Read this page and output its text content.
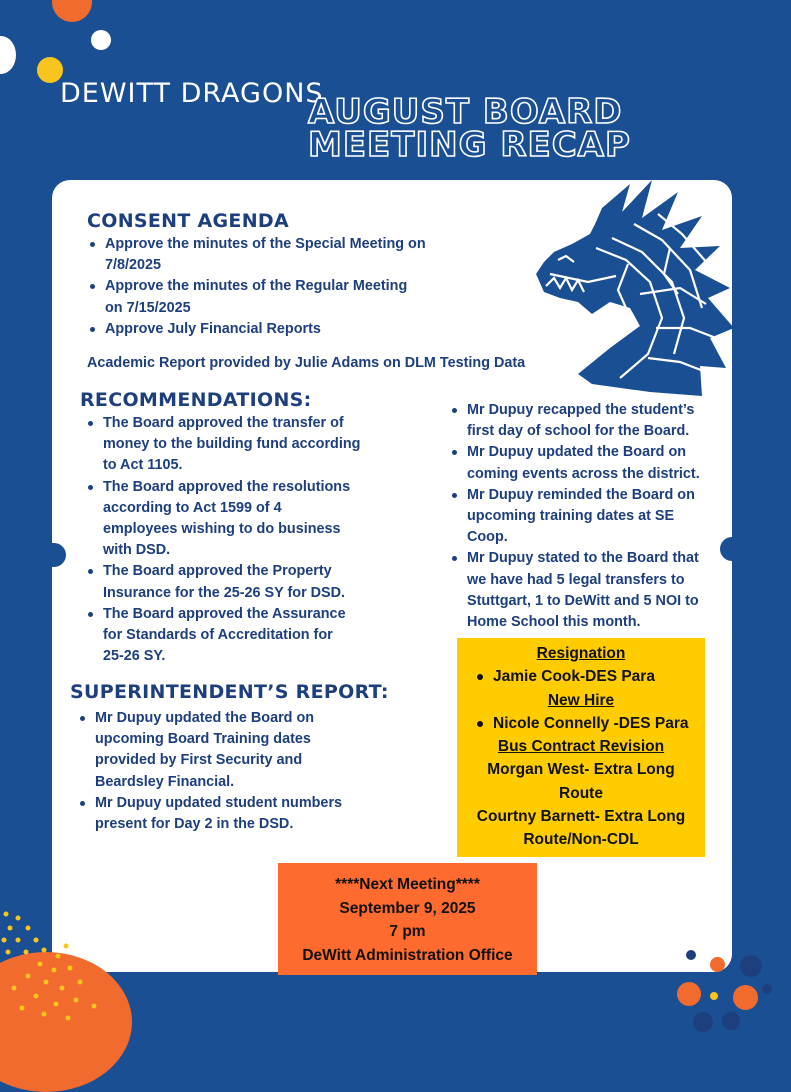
DEWITT DRAGONS
AUGUST BOARD
MEETING RECAP
CONSENT AGENDA
Approve the minutes of the Special Meeting on
7/8/2025
Approve the minutes of the Regular Meeting
on 7/15/2025
Approve July Financial Reports
Academic Report provided by Julie Adams on DLM Testing Data
RECOMMENDATIONS:
The Board approved the transfer of
money to the building fund according
to Act 1105.
The Board approved the resolutions
according to Act 1599 of 4
employees wishing to do business
with DSD.
The Board approved the Property
Insurance for the 25-26 SY for DSD.
The Board approved the Assurance
for Standards of Accreditation for
25-26 SY.
Mr Dupuy recapped the student’s
first day of school for the Board.
Mr Dupuy updated the Board on
coming events across the district.
Mr Dupuy reminded the Board on
upcoming training dates at SE
Coop.
Mr Dupuy stated to the Board that
we have had 5 legal transfers to
Stuttgart, 1 to DeWitt and 5 NOI to
Home School this month.
SUPERINTENDENT’S REPORT:
Mr Dupuy updated the Board on
upcoming Board Training dates
provided by First Security and
Beardsley Financial.
Mr Dupuy updated student numbers
present for Day 2 in the DSD.
Resignation
Jamie Cook-DES Para
New Hire
Nicole Connelly -DES Para
Bus Contract Revision
Morgan West- Extra Long
Route
Courtny Barnett- Extra Long
Route/Non-CDL
****Next Meeting****
September 9, 2025
7 pm
DeWitt Administration Office
